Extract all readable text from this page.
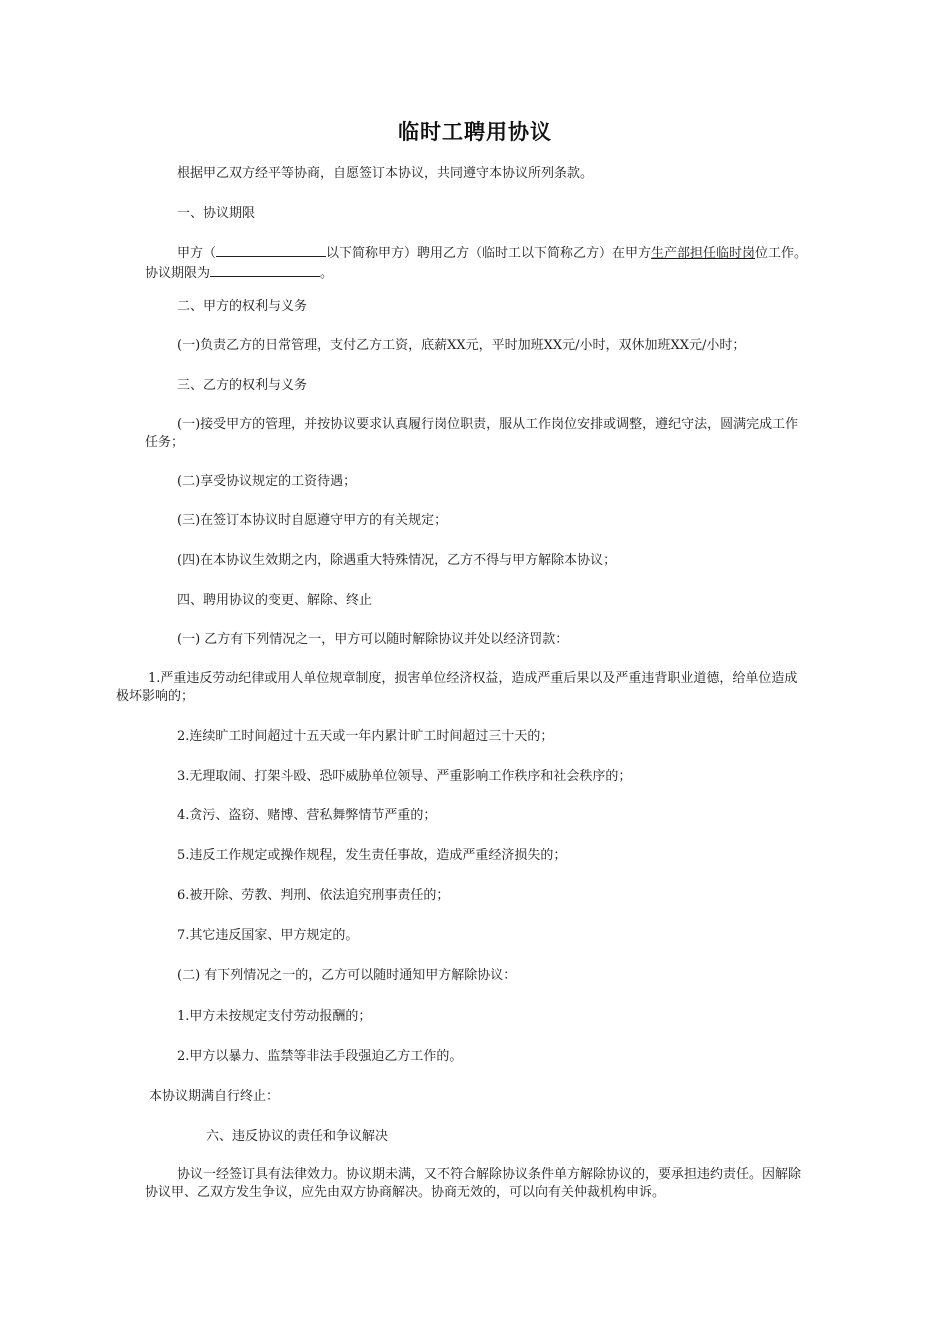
临时工聘用协议
根据甲乙双方经平等协商，自愿签订本协议，共同遵守本协议所列条款。
一、协议期限
甲方（	以下简称甲方）聘用乙方（临时工以下简称乙方）在甲方生产部担任临时岗位工作。协议期限为	。
二、甲方的权利与义务
(一)负责乙方的日常管理，支付乙方工资，底薪XX元，平时加班XX元/小时，双休加班XX元/小时；
三、乙方的权利与义务
(一)接受甲方的管理，并按协议要求认真履行岗位职责，服从工作岗位安排或调整，遵纪守法，圆满完成工作任务；
(二)享受协议规定的工资待遇；
(三)在签订本协议时自愿遵守甲方的有关规定；
(四)在本协议生效期之内，除遇重大特殊情况，乙方不得与甲方解除本协议；
四、聘用协议的变更、解除、终止
(一) 乙方有下列情况之一，甲方可以随时解除协议并处以经济罚款：
1.严重违反劳动纪律或用人单位规章制度，损害单位经济权益，造成严重后果以及严重违背职业道德，给单位造成极坏影响的；
2.连续旷工时间超过十五天或一年内累计旷工时间超过三十天的；
3.无理取闹、打架斗殴、恐吓威胁单位领导、严重影响工作秩序和社会秩序的；
4.贪污、盗窃、赌博、营私舞弊情节严重的；
5.违反工作规定或操作规程，发生责任事故，造成严重经济损失的；
6.被开除、劳教、判刑、依法追究刑事责任的；
7.其它违反国家、甲方规定的。
(二) 有下列情况之一的，乙方可以随时通知甲方解除协议：
1.甲方未按规定支付劳动报酬的；
2.甲方以暴力、监禁等非法手段强迫乙方工作的。
本协议期满自行终止：
六、违反协议的责任和争议解决
协议一经签订具有法律效力。协议期未满，又不符合解除协议条件单方解除协议的，要承担违约责任。因解除协议甲、乙双方发生争议，应先由双方协商解决。协商无效的，可以向有关仲裁机构申诉。
